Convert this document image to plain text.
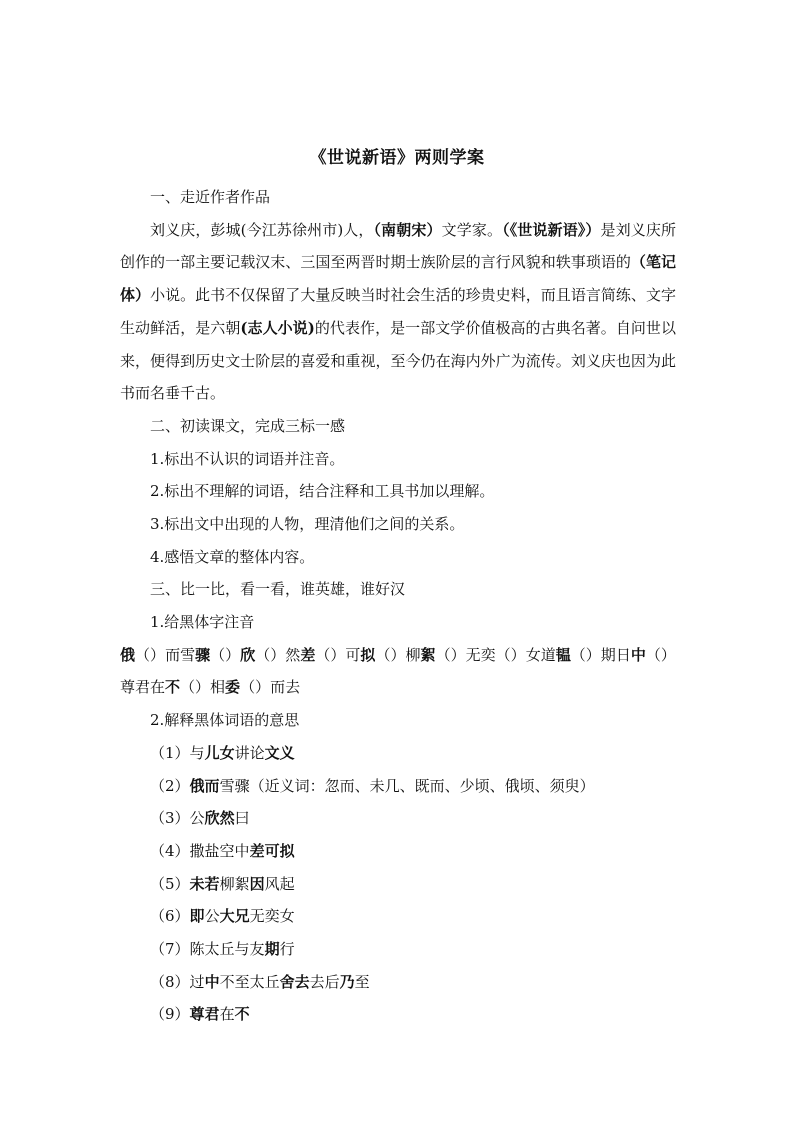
《世说新语》两则学案
一、走近作者作品

刘义庆，彭城(今江苏徐州市)人，（南朝宋）文学家。（《世说新语》）是刘义庆所创作的一部主要记载汉末、三国至两晋时期士族阶层的言行风貌和轶事琐语的（笔记体）小说。此书不仅保留了大量反映当时社会生活的珍贵史料，而且语言简练、文字生动鲜活，是六朝(志人小说)的代表作，是一部文学价值极高的古典名著。自问世以来，便得到历史文士阶层的喜爱和重视，至今仍在海内外广为流传。刘义庆也因为此书而名垂千古。

二、初读课文，完成三标一感
1.标出不认识的词语并注音。
2.标出不理解的词语，结合注释和工具书加以理解。
3.标出文中出现的人物，理清他们之间的关系。
4.感悟文章的整体内容。
三、比一比，看一看，谁英雄，谁好汉
1.给黑体字注音

俄（）而雪骤（）欣（）然差（）可拟（）柳絮（）无奕（）女道韫（）期日中（）尊君在不（）相委（）而去

2.解释黑体词语的意思
（1）与儿女讲论文义
（2）俄而雪骤（近义词：忽而、未几、既而、少顷、俄顷、须臾）
（3）公欣然曰
（4）撒盐空中差可拟
（5）未若柳絮因风起
（6）即公大兄无奕女
（7）陈太丘与友期行
（8）过中不至太丘舍去去后乃至
（9）尊君在不
